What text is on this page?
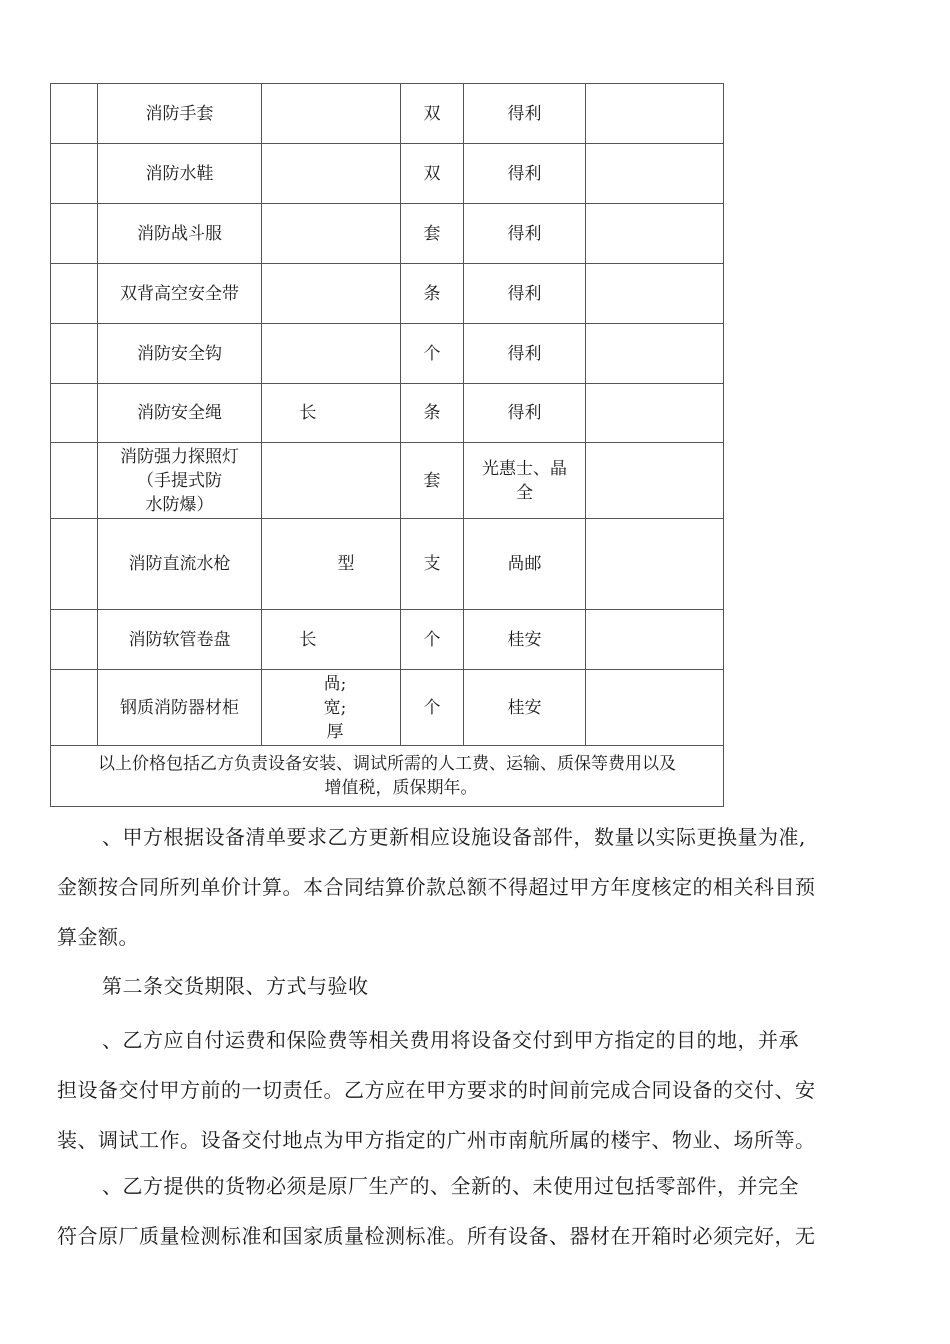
	消防手套		双	得利	
	消防水鞋		双	得利	
	消防战斗服		套	得利	
	双背高空安全带		条	得利	
	消防安全钩		个	得利	
	消防安全绳	长	条	得利	

	消防强力探照灯
（手提式防
水防爆）		套	光惠士、晶
全	

	消防直流水枪	型	支	咼邮	
	消防软管卷盘	长	个	桂安	
	钢质消防器材柜	咼;
宽;
厚	个	桂安	

以上价格包括乙方负责设备安装、调试所需的人工费、运输、质保等费用以及
增值税，质保期年。					
、甲方根据设备清单要求乙方更新相应设施设备部件，数量以实际更换量为准,
金额按合同所列单价计算。本合同结算价款总额不得超过甲方年度核定的相关科目预
算金额。
第二条交货期限、方式与验收
、乙方应自付运费和保险费等相关费用将设备交付到甲方指定的目的地，并承
担设备交付甲方前的一切责任。乙方应在甲方要求的时间前完成合同设备的交付、安
装、调试工作。设备交付地点为甲方指定的广州市南航所属的楼宇、物业、场所等。
、乙方提供的货物必须是原厂生产的、全新的、未使用过包括零部件，并完全
符合原厂质量检测标准和国家质量检测标准。所有设备、器材在开箱时必须完好，无
